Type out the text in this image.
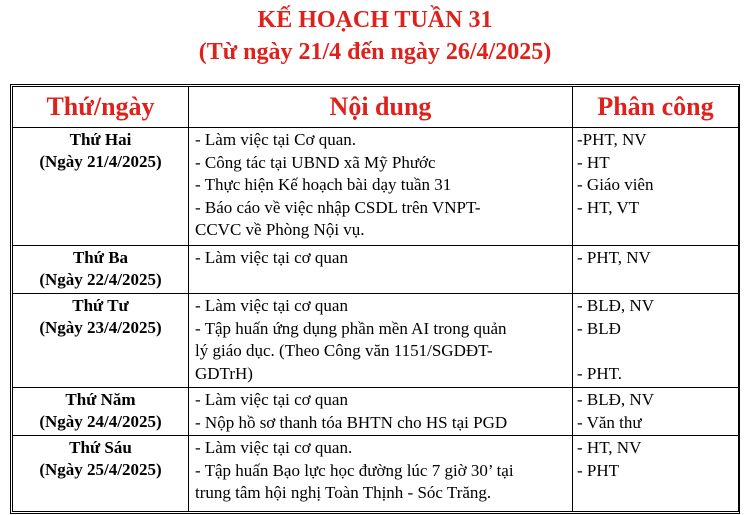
KẾ HOẠCH TUẦN 31
(Từ ngày 21/4 đến ngày 26/4/2025)
Thứ/ngày	Nội dung	Phân công

Thứ Hai
(Ngày 21/4/2025)	- Làm việc tại Cơ quan.
- Công tác tại UBND xã Mỹ Phước
- Thực hiện Kế hoạch bài dạy tuần 31
- Báo cáo về việc nhập CSDL trên VNPT-
CCVC về Phòng Nội vụ.	-PHT, NV
- HT
- Giáo viên
- HT, VT

Thứ Ba
(Ngày 22/4/2025)	- Làm việc tại cơ quan	- PHT, NV

Thứ Tư
(Ngày 23/4/2025)	- Làm việc tại cơ quan
- Tập huấn ứng dụng phần mền AI trong quản
lý giáo dục. (Theo Công văn 1151/SGDĐT-
GDTrH)	- BLĐ, NV
- BLĐ
- PHT.

Thứ Năm
(Ngày 24/4/2025)	- Làm việc tại cơ quan
- Nộp hồ sơ thanh tóa BHTN cho HS tại PGD	- BLĐ, NV
- Văn thư

Thứ Sáu
(Ngày 25/4/2025)	- Làm việc tại cơ quan.
- Tập huấn Bạo lực học đường lúc 7 giờ 30’ tại
trung tâm hội nghị Toàn Thịnh - Sóc Trăng.	- HT, NV
- PHT
